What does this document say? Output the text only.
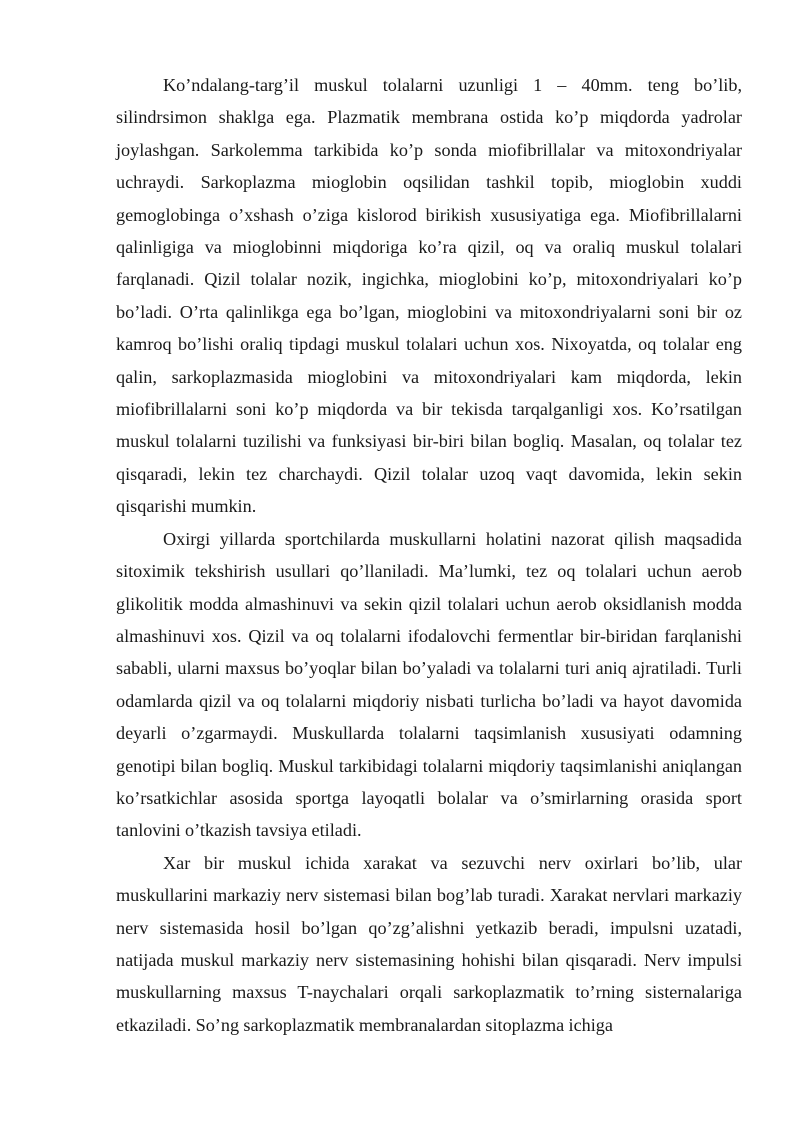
Ko’ndalang-targ’il muskul tolalarni uzunligi 1 – 40mm. teng bo’lib, silindrsimon shaklga ega. Plazmatik membrana ostida ko’p miqdorda yadrolar joylashgan. Sarkolemma tarkibida ko’p sonda miofibrillalar va mitoxondriyalar uchraydi. Sarkoplazma mioglobin oqsilidan tashkil topib, mioglobin xuddi gemoglobinga o’xshash o’ziga kislorod birikish xususiyatiga ega. Miofibrillalarni qalinligiga va mioglobinni miqdoriga ko’ra qizil, oq va oraliq muskul tolalari farqlanadi. Qizil tolalar nozik, ingichka, mioglobini ko’p, mitoxondriyalari ko’p bo’ladi. O’rta qalinlikga ega bo’lgan, mioglobini va mitoxondriyalarni soni bir oz kamroq bo’lishi oraliq tipdagi muskul tolalari uchun xos. Nixoyatda, oq tolalar eng qalin, sarkoplazmasida mioglobini va mitoxondriyalari kam miqdorda, lekin miofibrillalarni soni ko’p miqdorda va bir tekisda tarqalganligi xos. Ko’rsatilgan muskul tolalarni tuzilishi va funksiyasi bir-biri bilan bogliq. Masalan, oq tolalar tez qisqaradi, lekin tez charchaydi. Qizil tolalar uzoq vaqt davomida, lekin sekin qisqarishi mumkin.

Oxirgi yillarda sportchilarda muskullarni holatini nazorat qilish maqsadida sitoximik tekshirish usullari qo’llaniladi. Ma’lumki, tez oq tolalari uchun aerob glikolitik modda almashinuvi va sekin qizil tolalari uchun aerob oksidlanish modda almashinuvi xos. Qizil va oq tolalarni ifodalovchi fermentlar bir-biridan farqlanishi sababli, ularni maxsus bo’yoqlar bilan bo’yaladi va tolalarni turi aniq ajratiladi. Turli odamlarda qizil va oq tolalarni miqdoriy nisbati turlicha bo’ladi va hayot davomida deyarli o’zgarmaydi. Muskullarda tolalarni taqsimlanish xususiyati odamning genotipi bilan bogliq. Muskul tarkibidagi tolalarni miqdoriy taqsimlanishi aniqlangan ko’rsatkichlar asosida sportga layoqatli bolalar va o’smirlarning orasida sport tanlovini o’tkazish tavsiya etiladi.

Xar bir muskul ichida xarakat va sezuvchi nerv oxirlari bo’lib, ular muskullarini markaziy nerv sistemasi bilan bog’lab turadi. Xarakat nervlari markaziy nerv sistemasida hosil bo’lgan qo’zg’alishni yetkazib beradi, impulsni uzatadi, natijada muskul markaziy nerv sistemasining hohishi bilan qisqaradi. Nerv impulsi muskullarning maxsus T-naychalari orqali sarkoplazmatik to’rning sisternalariga etkaziladi. So’ng sarkoplazmatik membranalardan sitoplazma ichiga
